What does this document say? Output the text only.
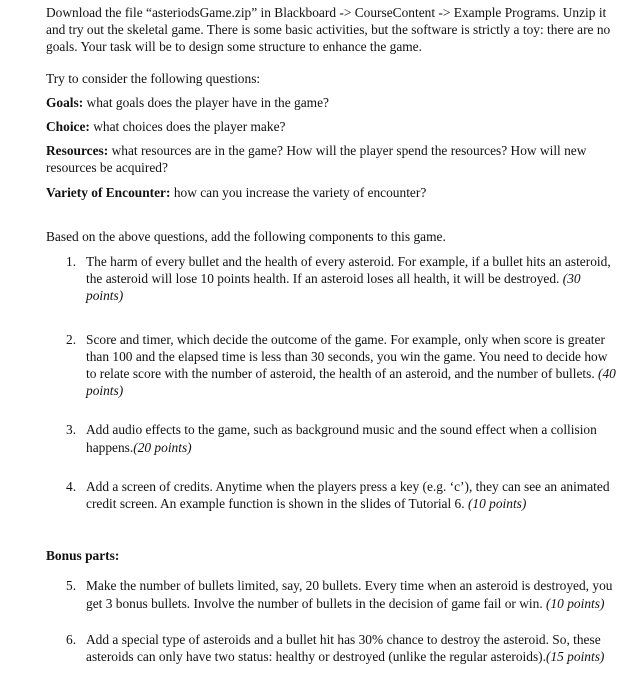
Download the file “asteriodsGame.zip” in Blackboard -> CourseContent -> Example Programs. Unzip it and try out the skeletal game. There is some basic activities, but the software is strictly a toy: there are no goals. Your task will be to design some structure to enhance the game.

Try to consider the following questions:

Goals: what goals does the player have in the game?

Choice: what choices does the player make?

Resources: what resources are in the game? How will the player spend the resources? How will new resources be acquired?

Variety of Encounter: how can you increase the variety of encounter?

Based on the above questions, add the following components to this game.

1. The harm of every bullet and the health of every asteroid. For example, if a bullet hits an asteroid, the asteroid will lose 10 points health. If an asteroid loses all health, it will be destroyed. (30 points)
2. Score and timer, which decide the outcome of the game. For example, only when score is greater than 100 and the elapsed time is less than 30 seconds, you win the game. You need to decide how to relate score with the number of asteroid, the health of an asteroid, and the number of bullets. (40 points)
3. Add audio effects to the game, such as background music and the sound effect when a collision happens.(20 points)
4. Add a screen of credits. Anytime when the players press a key (e.g. ‘c’), they can see an animated credit screen. An example function is shown in the slides of Tutorial 6. (10 points)

Bonus parts:

5. Make the number of bullets limited, say, 20 bullets. Every time when an asteroid is destroyed, you get 3 bonus bullets. Involve the number of bullets in the decision of game fail or win. (10 points)
6. Add a special type of asteroids and a bullet hit has 30% chance to destroy the asteroid. So, these asteroids can only have two status: healthy or destroyed (unlike the regular asteroids).(15 points)
